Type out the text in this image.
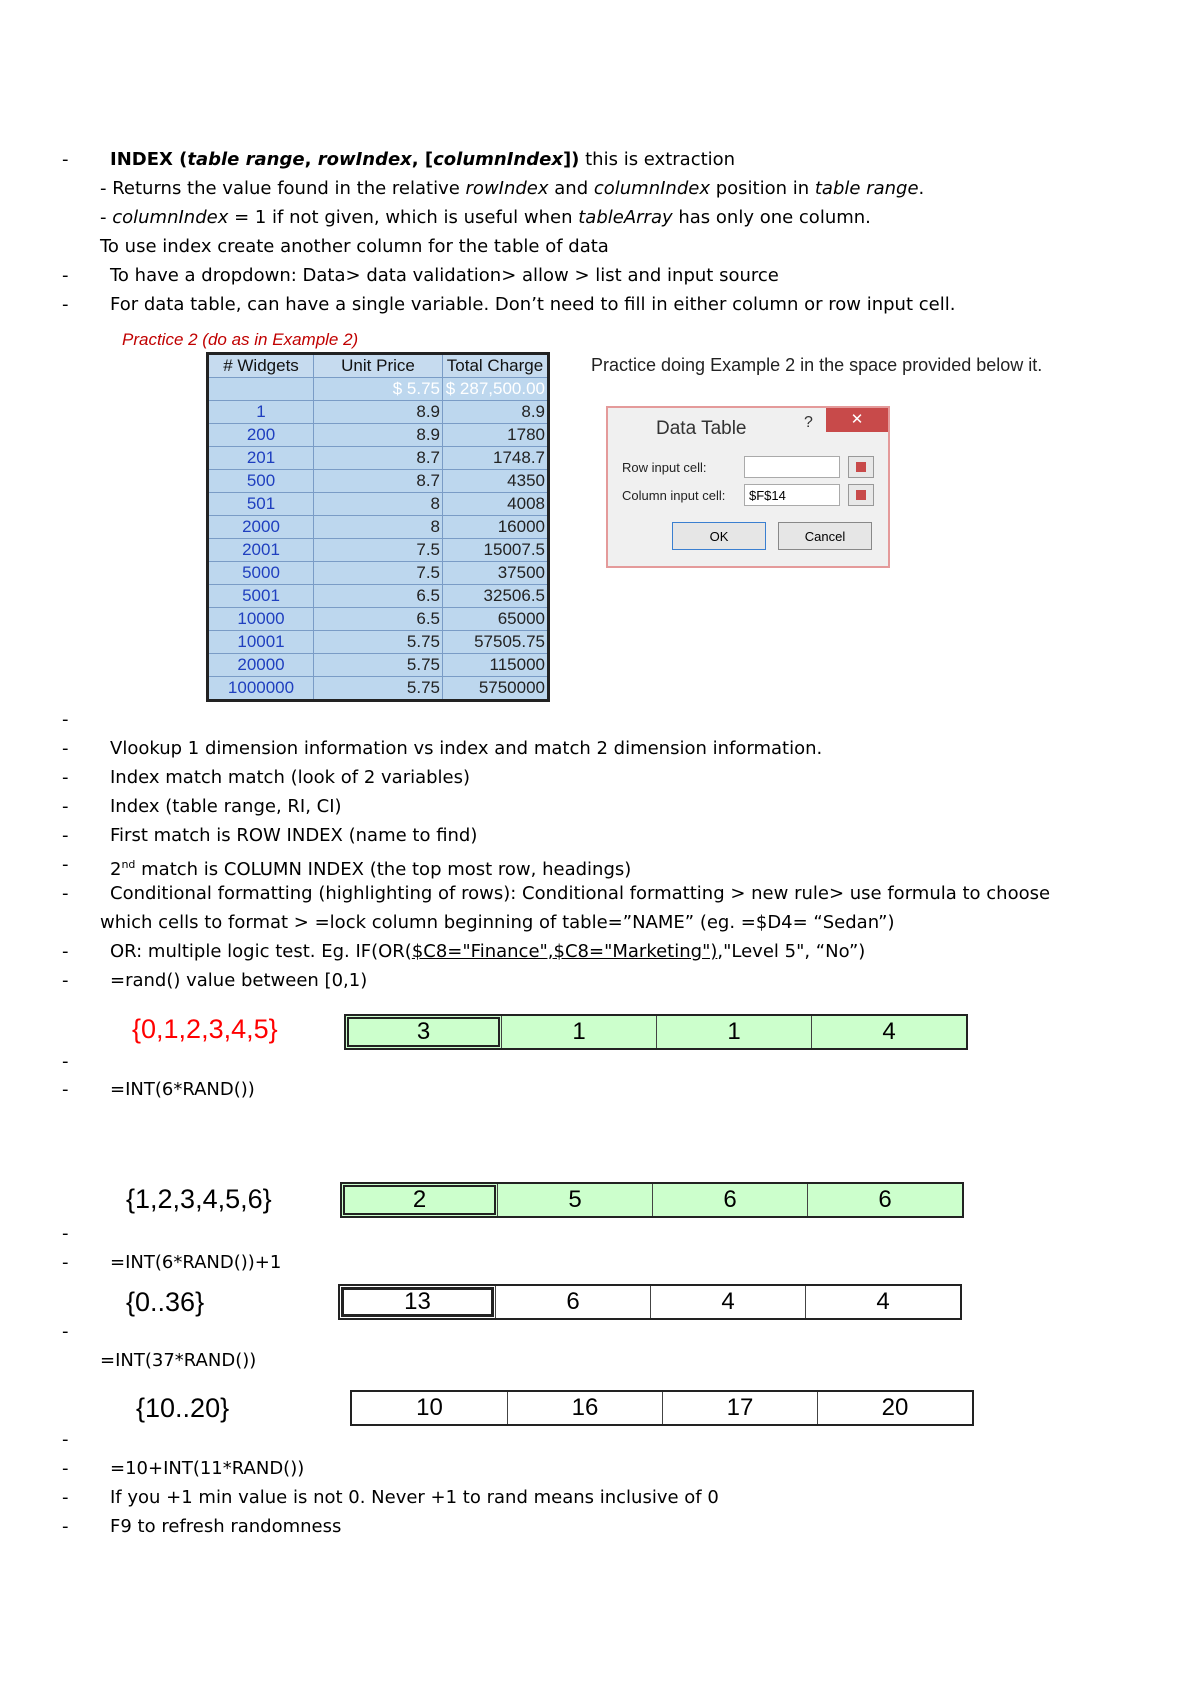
- INDEX (table range, rowIndex, [columnIndex]) this is extraction
- Returns the value found in the relative rowIndex and columnIndex position in table range.
- columnIndex = 1 if not given, which is useful when tableArray has only one column.
To use index create another column for the table of data
- To have a dropdown: Data> data validation> allow > list and input source
- For data table, can have a single variable. Don’t need to fill in either column or row input cell.
Practice 2 (do as in Example 2)
Practice doing Example 2 in the space provided below it.
# Widgets	Unit Price	Total Charge
	$ 5.75	$ 287,500.00
1	8.9	8.9
200	8.9	1780
201	8.7	1748.7
500	8.7	4350
501	8	4008
2000	8	16000
2001	7.5	15007.5
5000	7.5	37500
5001	6.5	32506.5
10000	6.5	65000
10001	5.75	57505.75
20000	5.75	115000
1000000	5.75	5750000
Data Table	?	✕
Row input cell:
Column input cell:	$F$14
OK	Cancel
-
- Vlookup 1 dimension information vs index and match 2 dimension information.
- Index match match (look of 2 variables)
- Index (table range, RI, CI)
- First match is ROW INDEX (name to find)
- 2nd match is COLUMN INDEX (the top most row, headings)
- Conditional formatting (highlighting of rows): Conditional formatting > new rule> use formula to choose
which cells to format > =lock column beginning of table=”NAME” (eg. =$D4= “Sedan”)
- OR: multiple logic test. Eg. IF(OR($C8="Finance",$C8="Marketing"),"Level 5", “No”)
- =rand() value between [0,1)
{0,1,2,3,4,5}	3	1	1	4
-
- =INT(6*RAND())
{1,2,3,4,5,6}	2	5	6	6
-
- =INT(6*RAND())+1
{0..36}	13	6	4	4
-
=INT(37*RAND())
{10..20}	10	16	17	20
-
- =10+INT(11*RAND())
- If you +1 min value is not 0. Never +1 to rand means inclusive of 0
- F9 to refresh randomness
